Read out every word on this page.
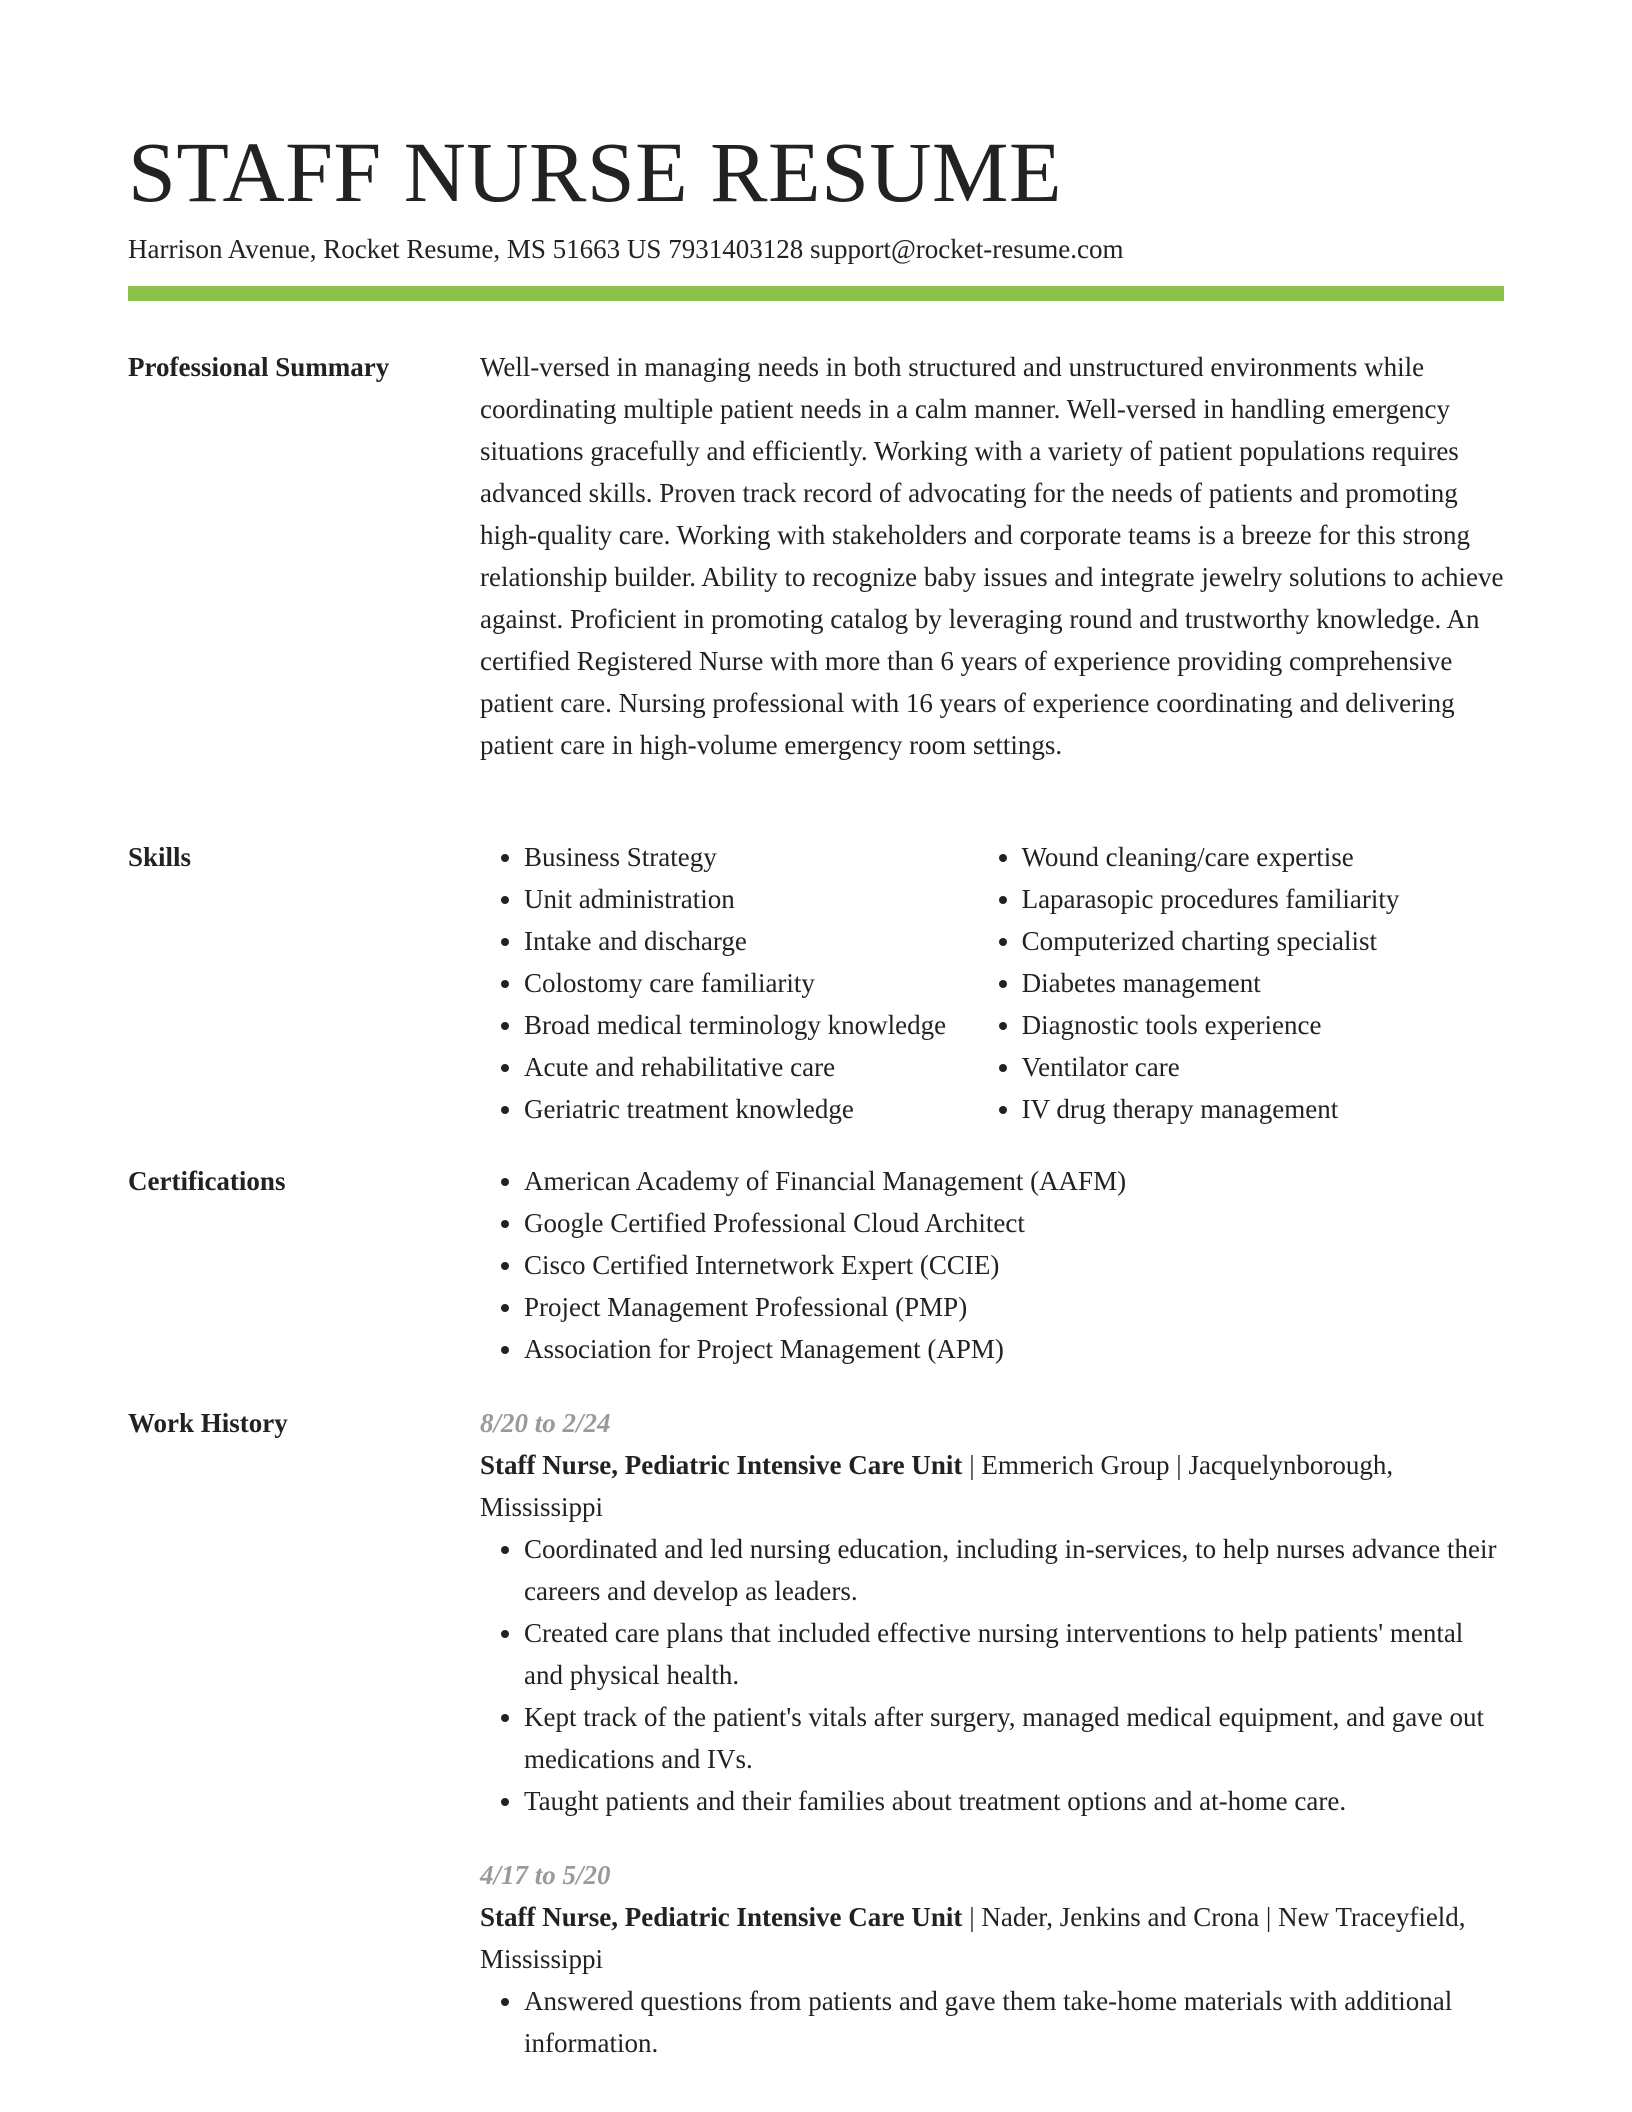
STAFF NURSE RESUME
Harrison Avenue, Rocket Resume, MS 51663 US 7931403128 support@rocket-resume.com
Professional Summary	Well-versed in managing needs in both structured and unstructured environments while coordinating multiple patient needs in a calm manner. Well-versed in handling emergency situations gracefully and efficiently. Working with a variety of patient populations requires advanced skills. Proven track record of advocating for the needs of patients and promoting high-quality care. Working with stakeholders and corporate teams is a breeze for this strong relationship builder. Ability to recognize baby issues and integrate jewelry solutions to achieve against. Proficient in promoting catalog by leveraging round and trustworthy knowledge. An certified Registered Nurse with more than 6 years of experience providing comprehensive patient care. Nursing professional with 16 years of experience coordinating and delivering patient care in high-volume emergency room settings.

Skills	• Business Strategy
• Unit administration
• Intake and discharge
• Colostomy care familiarity
• Broad medical terminology knowledge
• Acute and rehabilitative care
• Geriatric treatment knowledge
• Wound cleaning/care expertise
• Laparasopic procedures familiarity
• Computerized charting specialist
• Diabetes management
• Diagnostic tools experience
• Ventilator care
• IV drug therapy management
Certifications	• American Academy of Financial Management (AAFM)
• Google Certified Professional Cloud Architect
• Cisco Certified Internetwork Expert (CCIE)
• Project Management Professional (PMP)
• Association for Project Management (APM)
Work History	8/20 to 2/24
Staff Nurse, Pediatric Intensive Care Unit | Emmerich Group | Jacquelynborough, Mississippi
• Coordinated and led nursing education, including in-services, to help nurses advance their careers and develop as leaders.
• Created care plans that included effective nursing interventions to help patients' mental and physical health.
• Kept track of the patient's vitals after surgery, managed medical equipment, and gave out medications and IVs.
• Taught patients and their families about treatment options and at-home care.
4/17 to 5/20
Staff Nurse, Pediatric Intensive Care Unit | Nader, Jenkins and Crona | New Traceyfield, Mississippi
• Answered questions from patients and gave them take-home materials with additional information.
